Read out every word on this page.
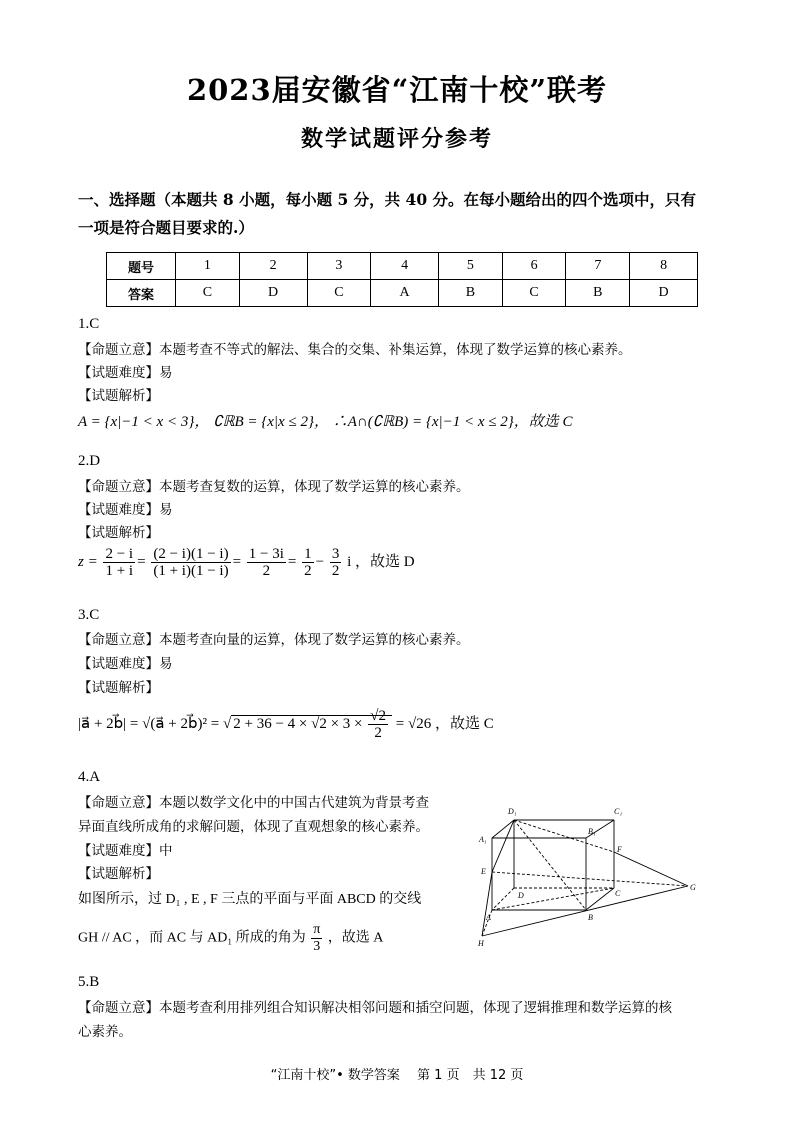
2023届安徽省“江南十校”联考
数学试题评分参考
一、选择题（本题共 8 小题，每小题 5 分，共 40 分。在每小题给出的四个选项中，只有
一项是符合题目要求的.）
题号	1	2	3	4	5	6	7	8
答案	C	D	C	A	B	C	B	D
1.C
【命题立意】本题考查不等式的解法、集合的交集、补集运算，体现了数学运算的核心素养。
【试题难度】易
【试题解析】
A = {x|−1 < x < 3}， ∁ℝB = {x|x ≤ 2}， ∴A∩(∁ℝB) = {x|−1 < x ≤ 2}，故选 C
2.D
【命题立意】本题考查复数的运算，体现了数学运算的核心素养。
【试题难度】易
【试题解析】
$z = \frac{2 - i}{1 + i} = \frac{(2 - i)(1 - i)}{(1 + i)(1 - i)} = \frac{1 - 3i}{2} = \frac{1}{2} - \frac{3}{2}$ i ，故选 D
3.C
【命题立意】本题考查向量的运算，体现了数学运算的核心素养。
【试题难度】易
【试题解析】
|a⃗ + 2b⃗| = √(a⃗ + 2b⃗)² = √ $2 + 36 - 4 \times √2 \times 3 \times \frac{√2}{2} = √26$ ，故选 C
4.A
【命题立意】本题以数学文化中的中国古代建筑为背景考查
异面直线所成角的求解问题，体现了直观想象的核心素养。
【试题难度】中
【试题解析】
如图所示，过 D₁ , E , F 三点的平面与平面 ABCD 的交线
GH // AC ，而 AC 与 AD₁ 所成的角为 $\frac{\pi}{3}$ ，故选 A
D₁	C₁
A₁
B₁
E
F
D	C
A	B
G
H
5.B
【命题立意】本题考查利用排列组合知识解决相邻问题和插空问题，体现了逻辑推理和数学运算的核
心素养。
“江南十校”• 数学答案　 第 1 页　共 12 页
